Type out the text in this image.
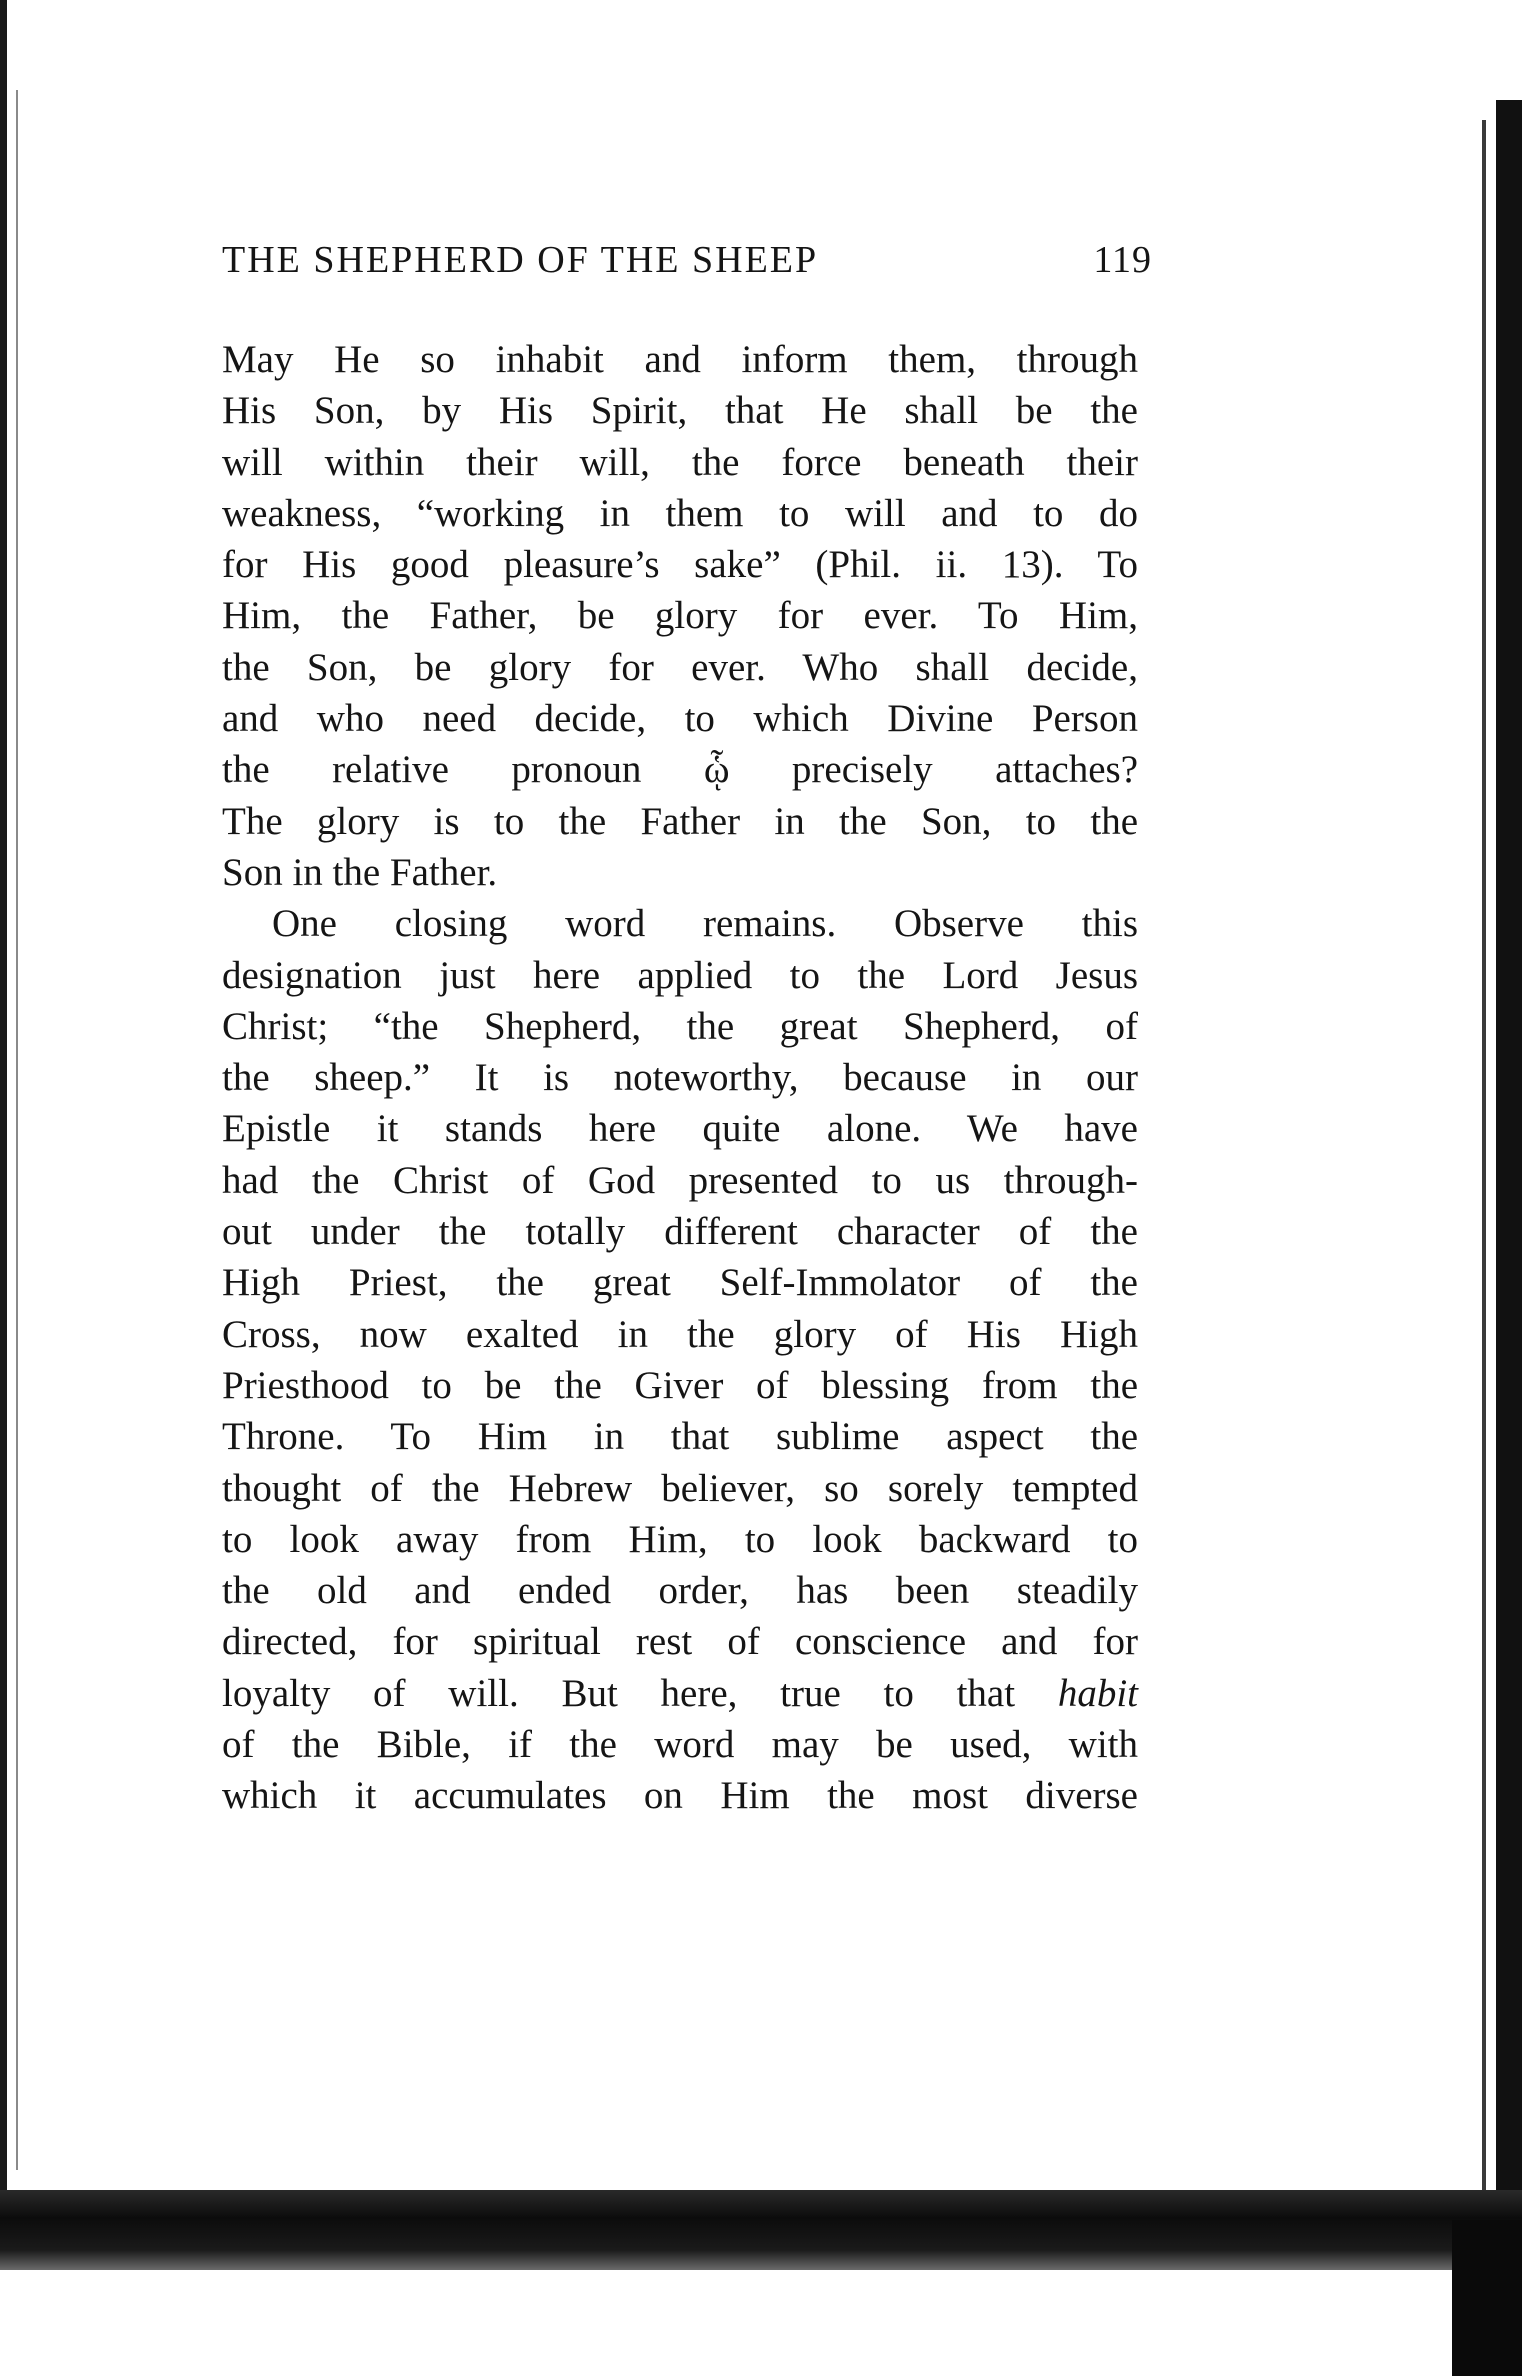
THE SHEPHERD OF THE SHEEP	119
May He so inhabit and inform them, through
His Son, by His Spirit, that He shall be the
will within their will, the force beneath their
weakness, “working in them to will and to do
for His good pleasure’s sake” (Phil. ii. 13). To
Him, the Father, be glory for ever. To Him,
the Son, be glory for ever. Who shall decide,
and who need decide, to which Divine Person
the relative pronoun ᾧ precisely attaches?
The glory is to the Father in the Son, to the
Son in the Father.
One closing word remains. Observe this
designation just here applied to the Lord Jesus
Christ; “the Shepherd, the great Shepherd, of
the sheep.” It is noteworthy, because in our
Epistle it stands here quite alone. We have
had the Christ of God presented to us through-
out under the totally different character of the
High Priest, the great Self-Immolator of the
Cross, now exalted in the glory of His High
Priesthood to be the Giver of blessing from the
Throne. To Him in that sublime aspect the
thought of the Hebrew believer, so sorely tempted
to look away from Him, to look backward to
the old and ended order, has been steadily
directed, for spiritual rest of conscience and for
loyalty of will. But here, true to that habit
of the Bible, if the word may be used, with
which it accumulates on Him the most diverse
